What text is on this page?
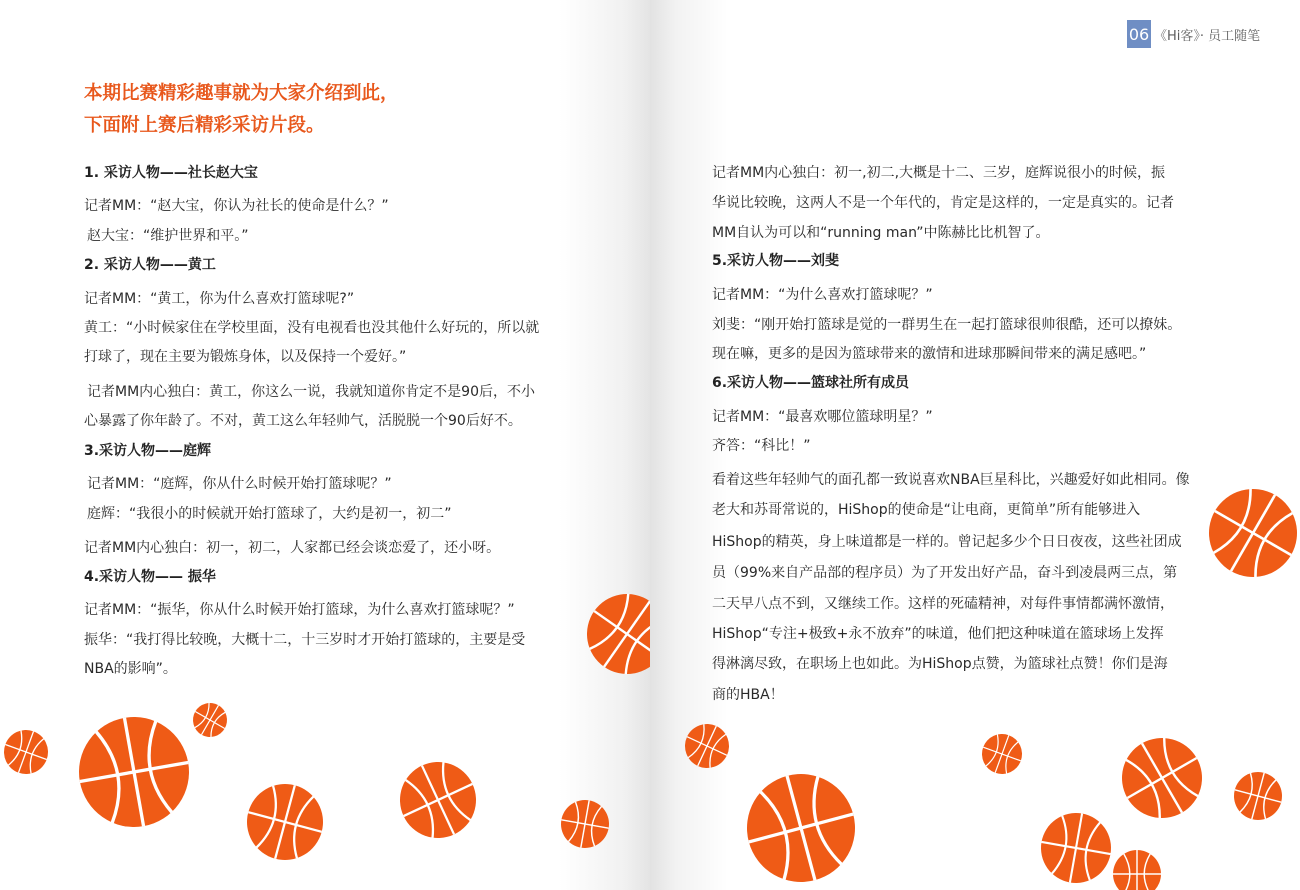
本期比赛精彩趣事就为大家介绍到此，

下面附上赛后精彩采访片段。

1. 采访人物——社长赵大宝
记者MM：“赵大宝，你认为社长的使命是什么？”
赵大宝：“维护世界和平。”
2. 采访人物——黄工
记者MM：“黄工，你为什么喜欢打篮球呢?”
黄工：“小时候家住在学校里面，没有电视看也没其他什么好玩的，所以就
打球了，现在主要为锻炼身体，以及保持一个爱好。”
记者MM内心独白：黄工，你这么一说，我就知道你肯定不是90后，不小
心暴露了你年龄了。不对，黄工这么年轻帅气，活脱脱一个90后好不。
3.采访人物——庭辉
记者MM：“庭辉，你从什么时候开始打篮球呢？”
庭辉：“我很小的时候就开始打篮球了，大约是初一，初二”
记者MM内心独白：初一，初二，人家都已经会谈恋爱了，还小呀。
4.采访人物—— 振华
记者MM：“振华，你从什么时候开始打篮球，为什么喜欢打篮球呢？”
振华：“我打得比较晚，大概十二，十三岁时才开始打篮球的，主要是受
NBA的影响”。
06 《Hi客》· 员工随笔
记者MM内心独白：初一,初二,大概是十二、三岁，庭辉说很小的时候，振
华说比较晚，这两人不是一个年代的，肯定是这样的，一定是真实的。记者
MM自认为可以和“running man”中陈赫比比机智了。
5.采访人物——刘斐
记者MM：“为什么喜欢打篮球呢？”
刘斐：“刚开始打篮球是觉的一群男生在一起打篮球很帅很酷，还可以撩妹。
现在嘛，更多的是因为篮球带来的激情和进球那瞬间带来的满足感吧。”
6.采访人物——篮球社所有成员
记者MM：“最喜欢哪位篮球明星？”
齐答：“科比！”
看着这些年轻帅气的面孔都一致说喜欢NBA巨星科比，兴趣爱好如此相同。像
老大和苏哥常说的，HiShop的使命是“让电商，更简单”所有能够进入
HiShop的精英，身上味道都是一样的。曾记起多少个日日夜夜，这些社团成
员（99%来自产品部的程序员）为了开发出好产品，奋斗到凌晨两三点，第
二天早八点不到，又继续工作。这样的死磕精神，对每件事情都满怀激情，
HiShop“专注+极致+永不放弃”的味道，他们把这种味道在篮球场上发挥
得淋漓尽致，在职场上也如此。为HiShop点赞，为篮球社点赞！你们是海
商的HBA！
